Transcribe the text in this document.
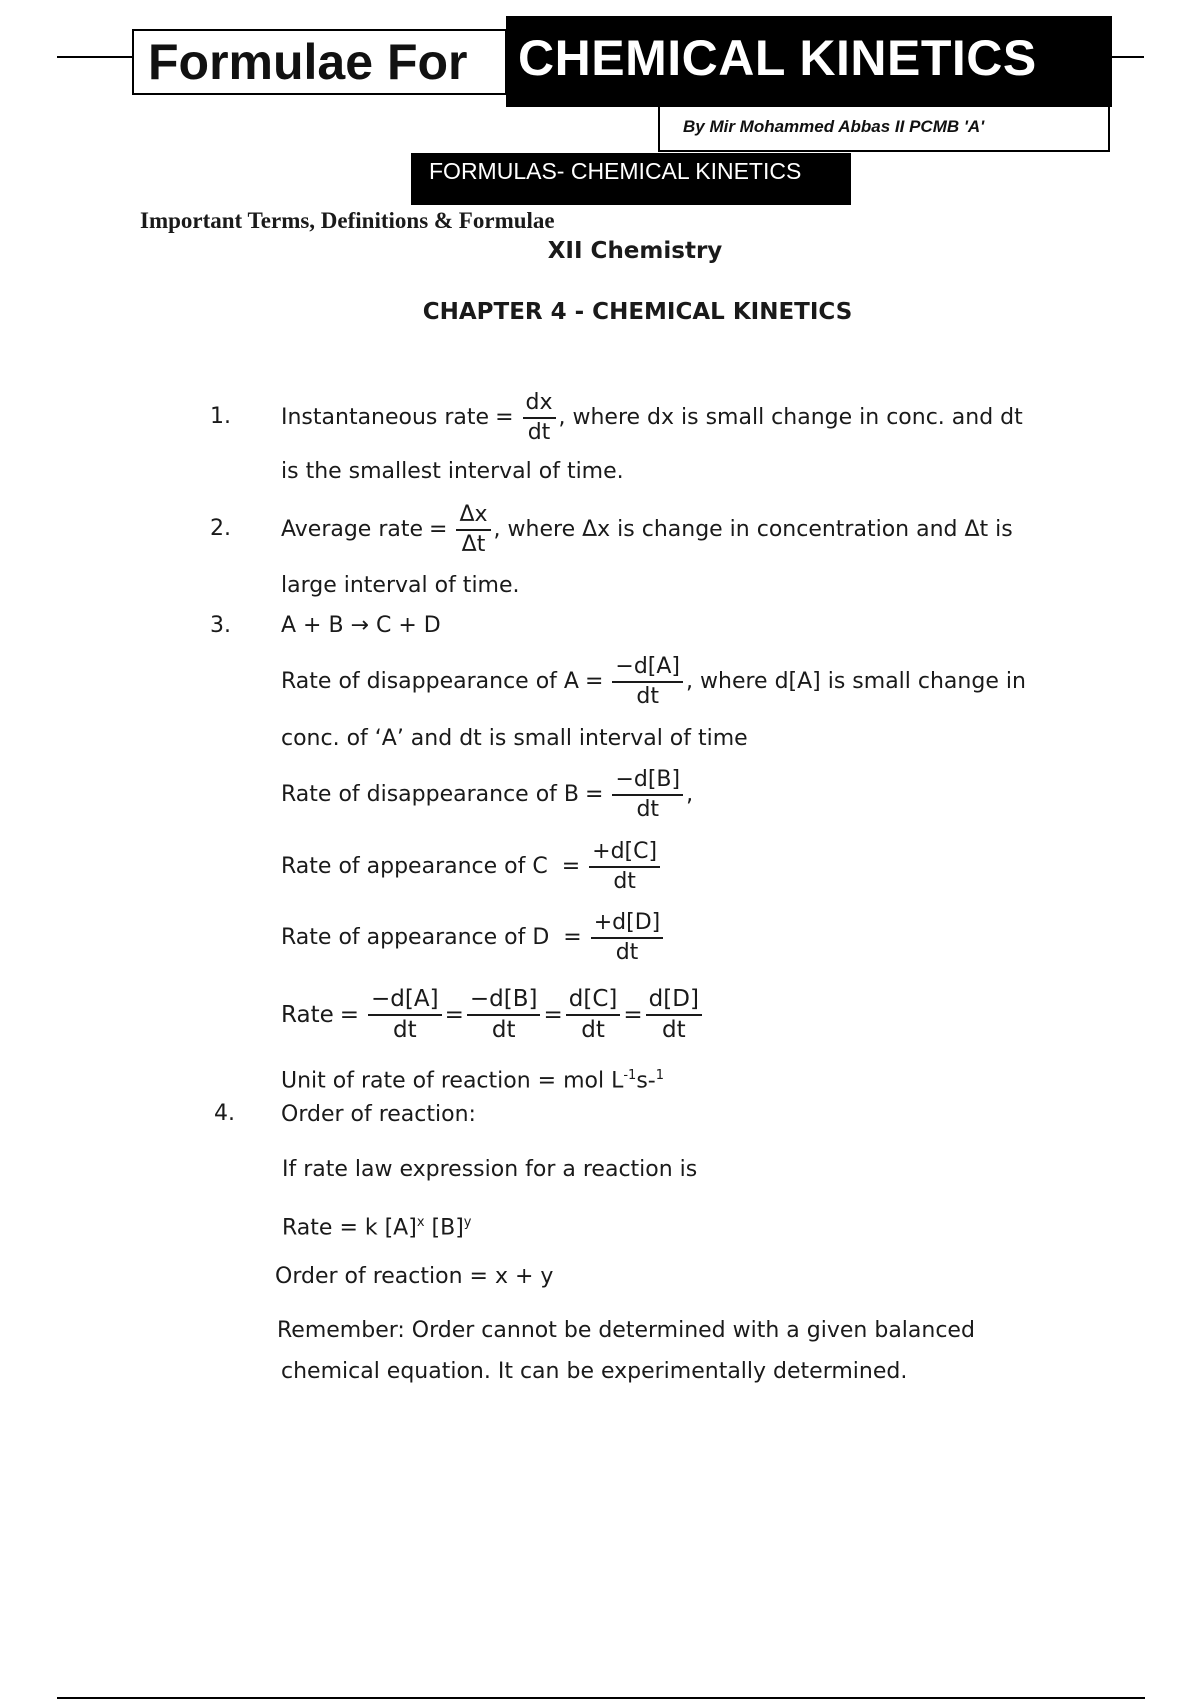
Formulae For	CHEMICAL KINETICS
By Mir Mohammed Abbas II PCMB 'A'
FORMULAS- CHEMICAL KINETICS
Important Terms, Definitions & Formulae
XII Chemistry
CHAPTER 4 - CHEMICAL KINETICS
1. Instantaneous rate = $\frac{dx}{dt}$ , where dx is small change in conc. and dt
is the smallest interval of time.
2. Average rate = $\frac{\Delta x}{\Delta t}$ , where Δx is change in concentration and Δt is
large interval of time.
3. A + B → C + D
Rate of disappearance of $A = \frac{-d[A]}{dt}$ , where d[A] is small change in
conc. of ‘A’ and dt is small interval of time
Rate of disappearance of $B = \frac{-d[B]}{dt}$ ,
Rate of appearance of $C = \frac{+d[C]}{dt}$
Rate of appearance of $D = \frac{+d[D]}{dt}$
Rate = $\frac{-d[A]}{dt} = \frac{-d[B]}{dt} = \frac{d[C]}{dt} = \frac{d[D]}{dt}$
Unit of rate of reaction = mol $L^{-1}s-^1$
4. Order of reaction:
If rate law expression for a reaction is
Rate = k $[A]^x$ $[B]^y$
Order of reaction = x + y
Remember: Order cannot be determined with a given balanced
chemical equation. It can be experimentally determined.
